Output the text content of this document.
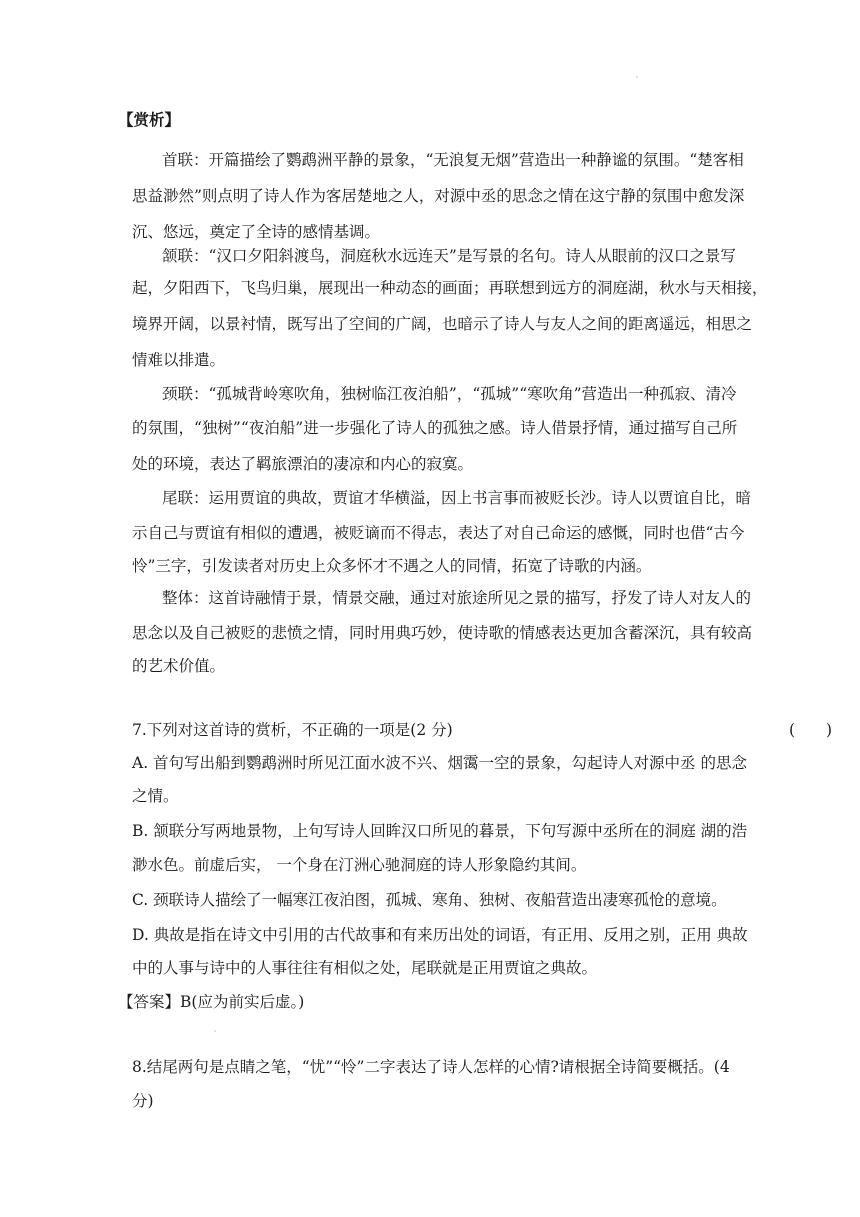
【赏析】
首联：开篇描绘了鹦鹉洲平静的景象，“无浪复无烟”营造出一种静谧的氛围。“楚客相
思益渺然”则点明了诗人作为客居楚地之人，对源中丞的思念之情在这宁静的氛围中愈发深
沉、悠远，奠定了全诗的感情基调。
颔联：“汉口夕阳斜渡鸟，洞庭秋水远连天”是写景的名句。诗人从眼前的汉口之景写
起，夕阳西下，飞鸟归巢，展现出一种动态的画面；再联想到远方的洞庭湖，秋水与天相接，
境界开阔，以景衬情，既写出了空间的广阔，也暗示了诗人与友人之间的距离遥远，相思之
情难以排遣。
颈联：“孤城背岭寒吹角，独树临江夜泊船”，“孤城”“寒吹角”营造出一种孤寂、清冷
的氛围，“独树”“夜泊船”进一步强化了诗人的孤独之感。诗人借景抒情，通过描写自己所
处的环境，表达了羁旅漂泊的凄凉和内心的寂寞。
尾联：运用贾谊的典故，贾谊才华横溢，因上书言事而被贬长沙。诗人以贾谊自比，暗
示自己与贾谊有相似的遭遇，被贬谪而不得志，表达了对自己命运的感慨，同时也借“古今
怜”三字，引发读者对历史上众多怀才不遇之人的同情，拓宽了诗歌的内涵。
整体：这首诗融情于景，情景交融，通过对旅途所见之景的描写，抒发了诗人对友人的
思念以及自己被贬的悲愤之情，同时用典巧妙，使诗歌的情感表达更加含蓄深沉，具有较高
的艺术价值。
7.下列对这首诗的赏析，不正确的一项是(2 分)	(　　)
A. 首句写出船到鹦鹉洲时所见江面水波不兴、烟霭一空的景象，勾起诗人对源中丞 的思念
之情。
B. 颔联分写两地景物，上句写诗人回眸汉口所见的暮景，下句写源中丞所在的洞庭 湖的浩
渺水色。前虚后实， 一个身在汀洲心驰洞庭的诗人形象隐约其间。
C. 颈联诗人描绘了一幅寒江夜泊图，孤城、寒角、独树、夜船营造出凄寒孤怆的意境。
D. 典故是指在诗文中引用的古代故事和有来历出处的词语，有正用、反用之别，正用 典故
中的人事与诗中的人事往往有相似之处，尾联就是正用贾谊之典故。
【答案】B(应为前实后虚。)
8.结尾两句是点睛之笔，“忧”“怜”二字表达了诗人怎样的心情?请根据全诗简要概括。(4
分)
